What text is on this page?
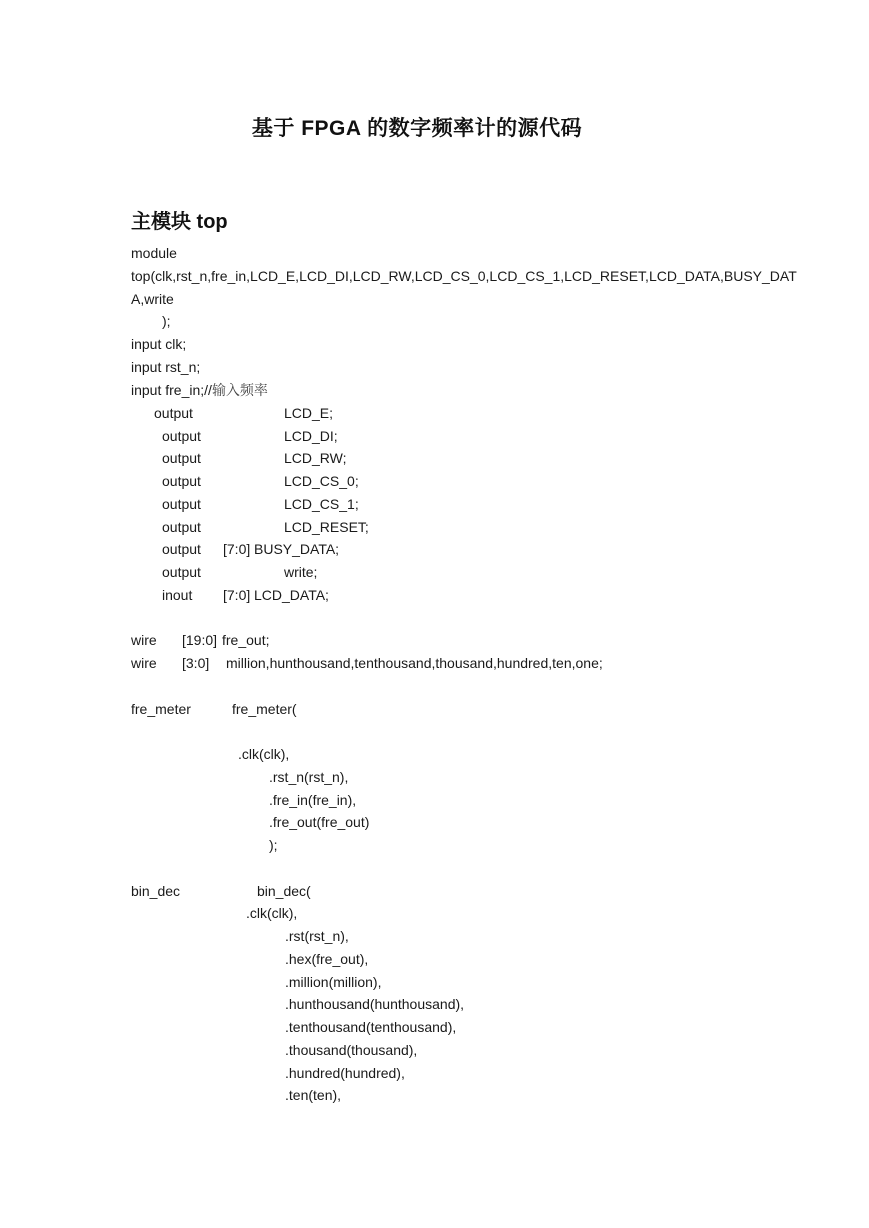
基于 FPGA 的数字频率计的源代码
主模块 top
module
top(clk,rst_n,fre_in,LCD_E,LCD_DI,LCD_RW,LCD_CS_0,LCD_CS_1,LCD_RESET,LCD_DATA,BUSY_DAT
A,write
);
input clk;
input rst_n;
input fre_in;//输入频率
output	LCD_E;
output	LCD_DI;
output	LCD_RW;
output	LCD_CS_0;
output	LCD_CS_1;
output	LCD_RESET;
output [7:0] BUSY_DATA;
output	write;
inout [7:0] LCD_DATA;
wire [19:0] fre_out;
wire [3:0] million,hunthousand,tenthousand,thousand,hundred,ten,one;
fre_meter	fre_meter(
.clk(clk),
.rst_n(rst_n),
.fre_in(fre_in),
.fre_out(fre_out)
);
bin_dec	bin_dec(
.clk(clk),
.rst(rst_n),
.hex(fre_out),
.million(million),
.hunthousand(hunthousand),
.tenthousand(tenthousand),
.thousand(thousand),
.hundred(hundred),
.ten(ten),
